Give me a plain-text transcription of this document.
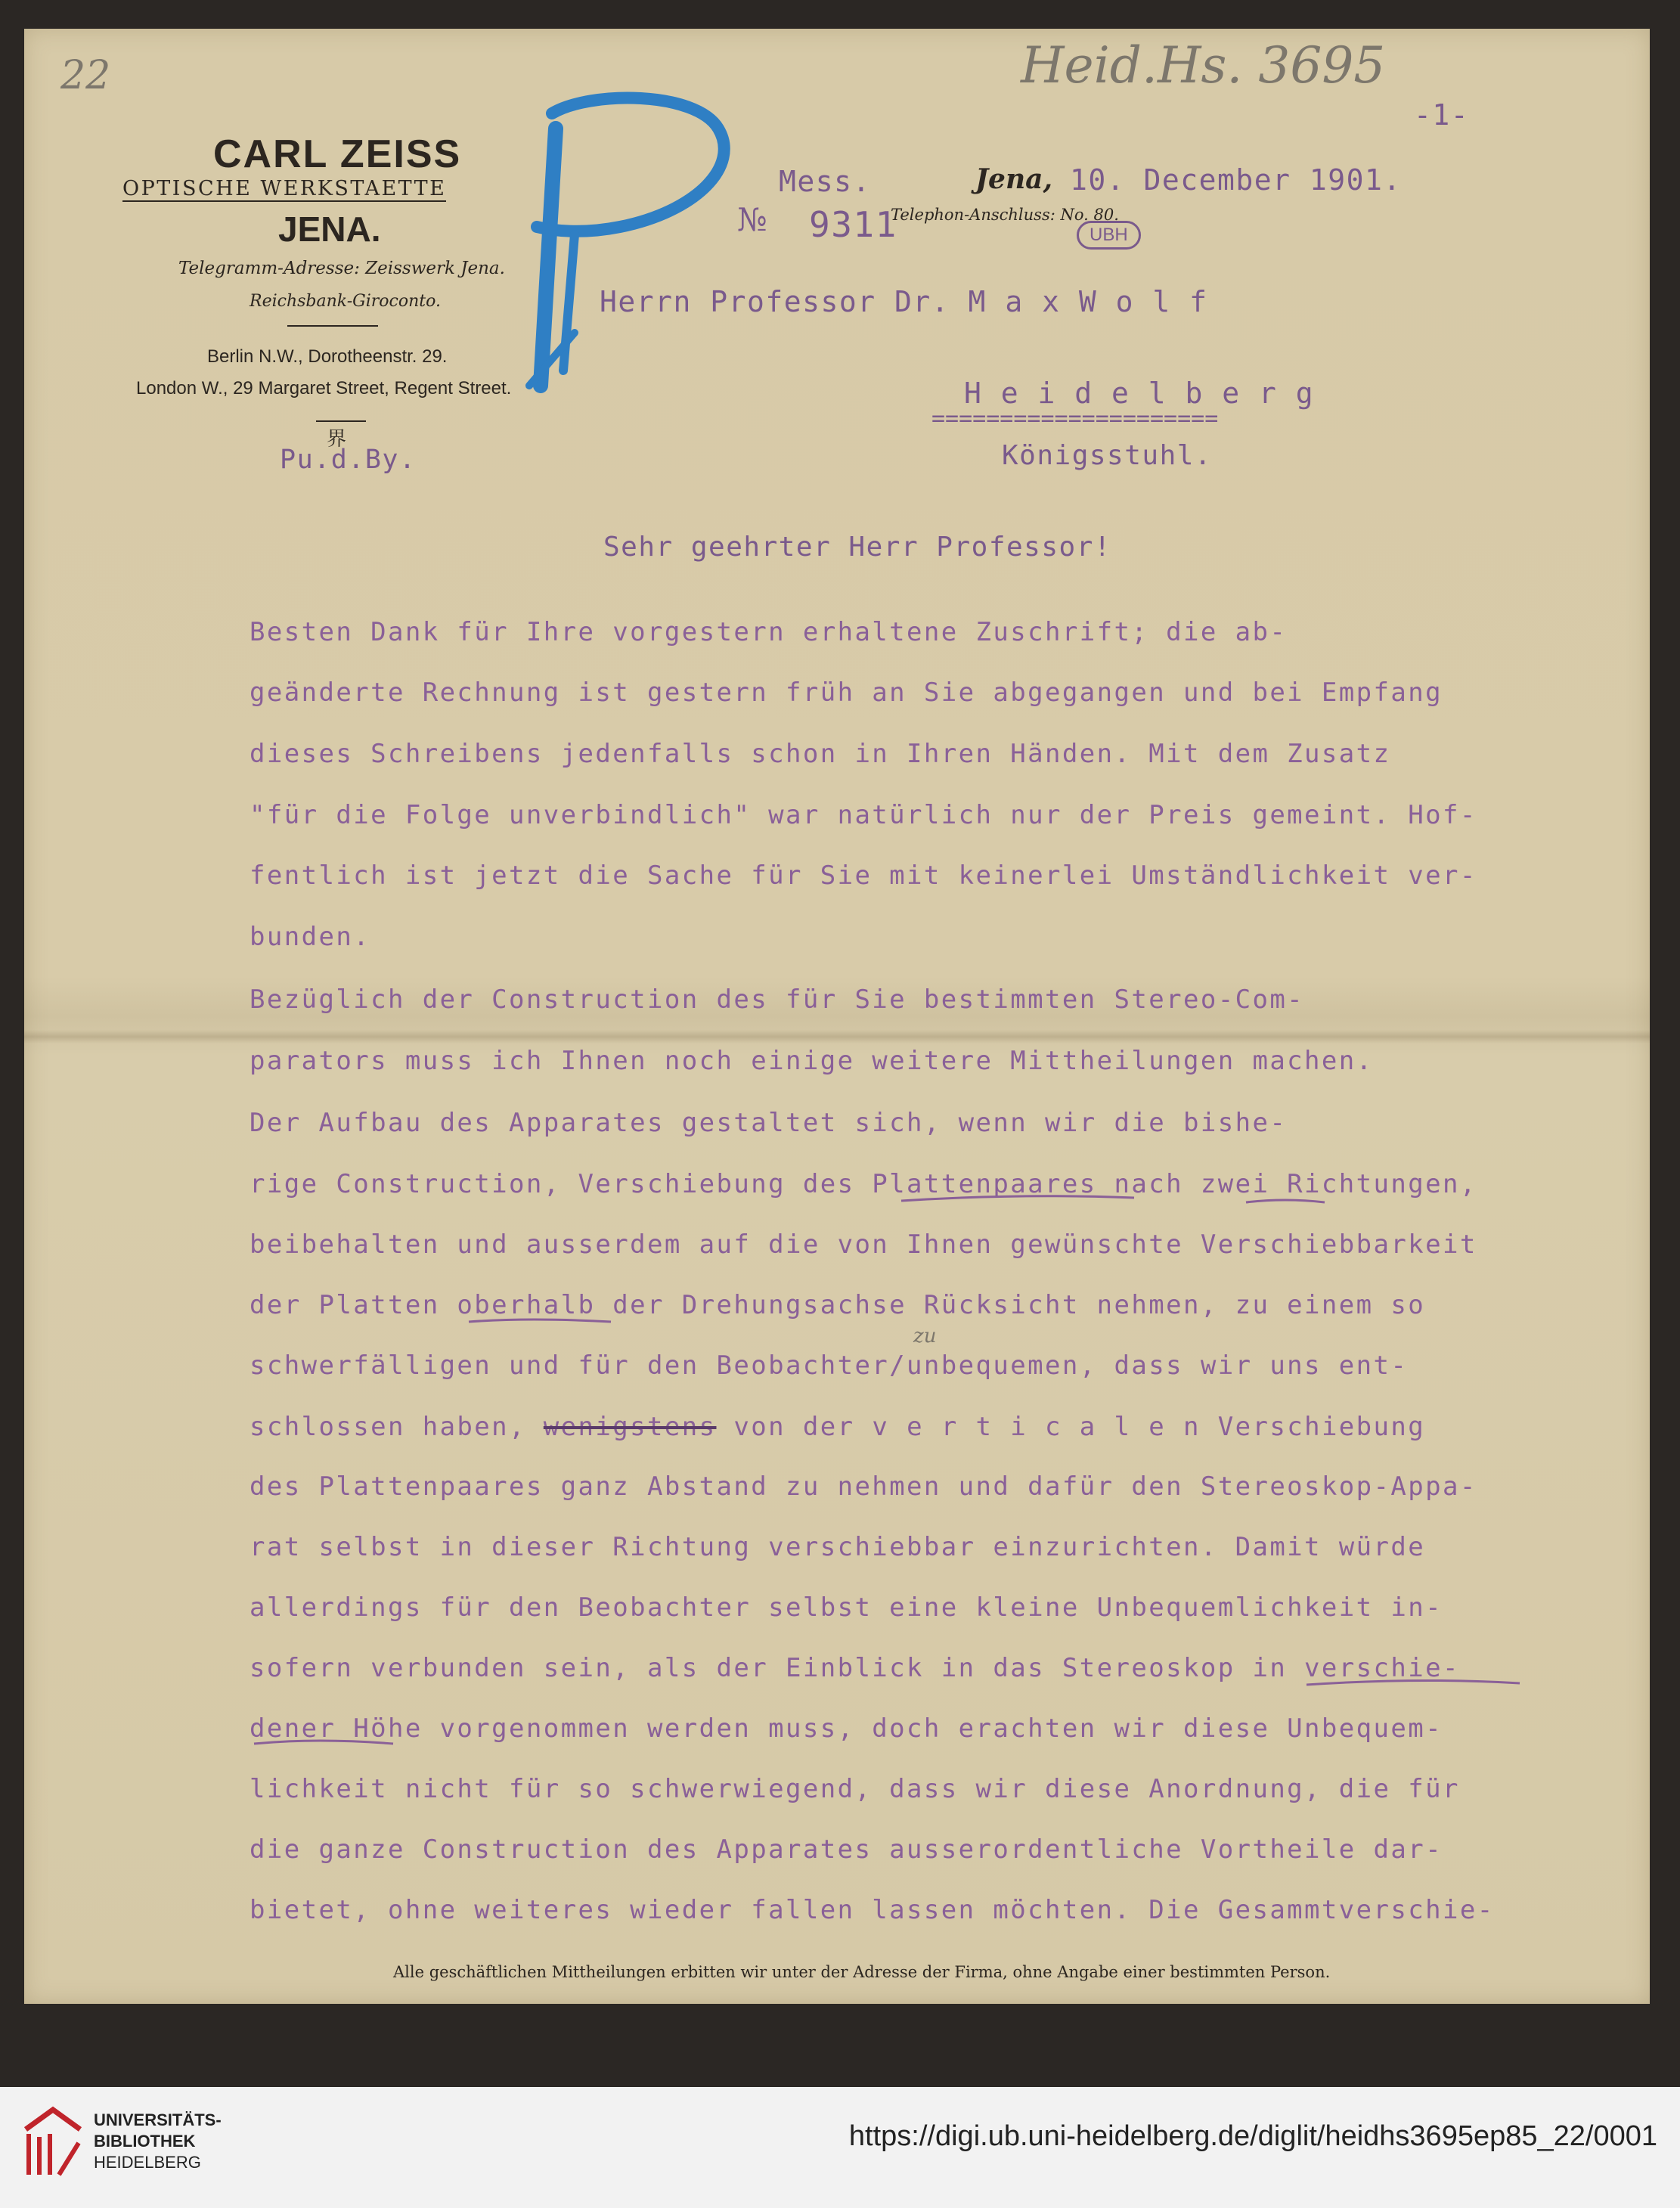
22	Heid.Hs. 3695
-1-
CARL ZEISS
OPTISCHE WERKSTAETTE
JENA.
Telegramm-Adresse: Zeisswerk Jena.
Reichsbank-Giroconto.
Berlin N.W., Dorotheenstr. 29.
London W., 29 Margaret Street, Regent Street.
界
Pu.d.By.
Mess.	Jena, 10. December 1901.
№ 9311
Telephon-Anschluss: No. 80.
UBH
Herrn Professor Dr. M a x W o l f
H e i d e l b e r g
=====================
Königsstuhl.
Sehr geehrter Herr Professor!
Besten Dank für Ihre vorgestern erhaltene Zuschrift; die ab-
geänderte Rechnung ist gestern früh an Sie abgegangen und bei Empfang
dieses Schreibens jedenfalls schon in Ihren Händen. Mit dem Zusatz
"für die Folge unverbindlich" war natürlich nur der Preis gemeint. Hof-
fentlich ist jetzt die Sache für Sie mit keinerlei Umständlichkeit ver-
bunden.
Bezüglich der Construction des für Sie bestimmten Stereo-Com-
parators muss ich Ihnen noch einige weitere Mittheilungen machen.
Der Aufbau des Apparates gestaltet sich, wenn wir die bishe-
rige Construction, Verschiebung des Plattenpaares nach zwei Richtungen,
beibehalten und ausserdem auf die von Ihnen gewünschte Verschiebbarkeit
der Platten oberhalb der Drehungsachse Rücksicht nehmen, zu einem so
schwerfälligen und für den Beobachter/unbequemen, dass wir uns ent-
schlossen haben, wenigstens von der v e r t i c a l e n Verschiebung
des Plattenpaares ganz Abstand zu nehmen und dafür den Stereoskop-Appa-
rat selbst in dieser Richtung verschiebbar einzurichten. Damit würde
allerdings für den Beobachter selbst eine kleine Unbequemlichkeit in-
sofern verbunden sein, als der Einblick in das Stereoskop in verschie-
dener Höhe vorgenommen werden muss, doch erachten wir diese Unbequem-
lichkeit nicht für so schwerwiegend, dass wir diese Anordnung, die für
die ganze Construction des Apparates ausserordentliche Vortheile dar-
bietet, ohne weiteres wieder fallen lassen möchten. Die Gesammtverschie-
zu
Alle geschäftlichen Mittheilungen erbitten wir unter der Adresse der Firma, ohne Angabe einer bestimmten Person.
UNIVERSITÄTS-
BIBLIOTHEK
HEIDELBERG
https://digi.ub.uni-heidelberg.de/diglit/heidhs3695ep85_22/0001
